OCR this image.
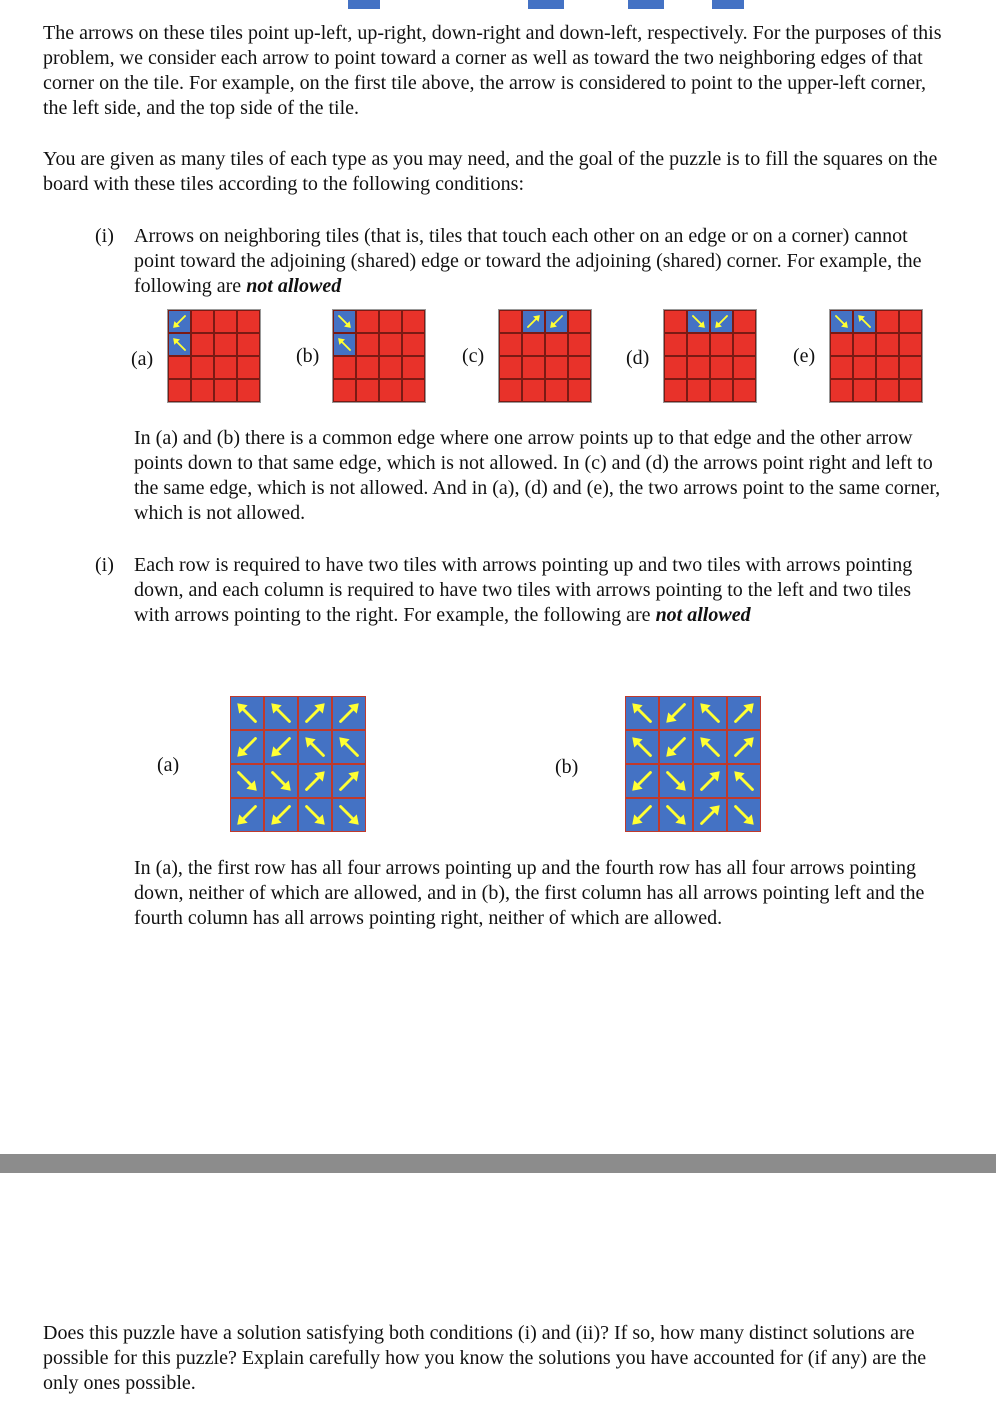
The arrows on these tiles point up-left, up-right, down-right and down-left, respectively. For the purposes of this problem, we consider each arrow to point toward a corner as well as toward the two neighboring edges of that corner on the tile. For example, on the first tile above, the arrow is considered to point to the upper-left corner, the left side, and the top side of the tile.

You are given as many tiles of each type as you may need, and the goal of the puzzle is to fill the squares on the board with these tiles according to the following conditions:

(i) Arrows on neighboring tiles (that is, tiles that touch each other on an edge or on a corner) cannot point toward the adjoining (shared) edge or toward the adjoining (shared) corner. For example, the following are not allowed
(a)	(b)	(c)	(d)	(e)

In (a) and (b) there is a common edge where one arrow points up to that edge and the other arrow points down to that same edge, which is not allowed. In (c) and (d) the arrows point right and left to the same edge, which is not allowed. And in (a), (d) and (e), the two arrows point to the same corner, which is not allowed.

(i) Each row is required to have two tiles with arrows pointing up and two tiles with arrows pointing down, and each column is required to have two tiles with arrows pointing to the left and two tiles with arrows pointing to the right. For example, the following are not allowed
(a)	(b)

In (a), the first row has all four arrows pointing up and the fourth row has all four arrows pointing down, neither of which are allowed, and in (b), the first column has all arrows pointing left and the fourth column has all arrows pointing right, neither of which are allowed.

Does this puzzle have a solution satisfying both conditions (i) and (ii)? If so, how many distinct solutions are possible for this puzzle? Explain carefully how you know the solutions you have accounted for (if any) are the only ones possible.
